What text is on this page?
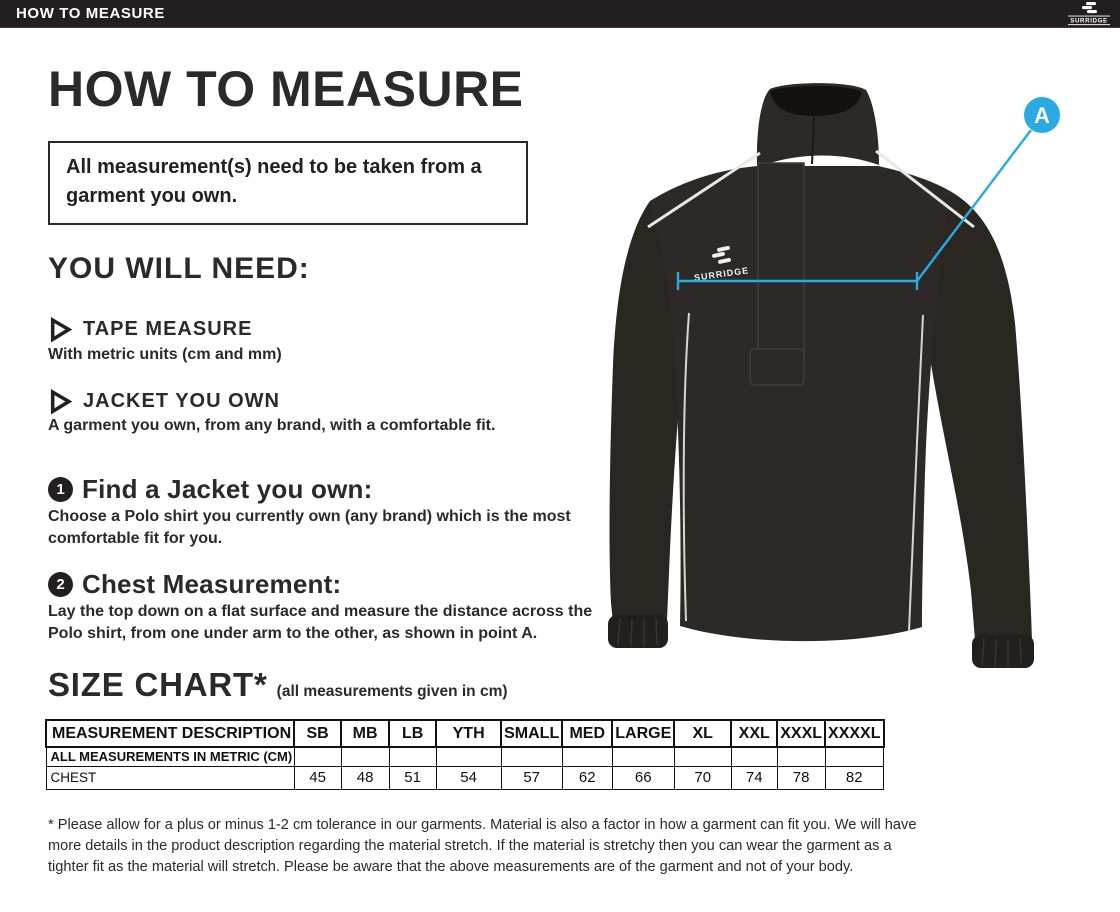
HOW TO MEASURE	SURRIDGE
HOW TO MEASURE
All measurement(s) need to be taken from a garment you own.
YOU WILL NEED:
TAPE MEASURE
With metric units (cm and mm)
JACKET YOU OWN
A garment you own, from any brand, with a comfortable fit.
1 Find a Jacket you own:
Choose a Polo shirt you currently own (any brand) which is the most comfortable fit for you.
2 Chest Measurement:
Lay the top down on a flat surface and measure the distance across the Polo shirt, from one under arm to the other, as shown in point A.
SIZE CHART* (all measurements given in cm)
MEASUREMENT DESCRIPTION	SB	MB	LB	YTH	SMALL	MED	LARGE	XL	XXL	XXXL	XXXXL
ALL MEASUREMENTS IN METRIC (CM)											
CHEST	45	48	51	54	57	62	66	70	74	78	82
* Please allow for a plus or minus 1-2 cm tolerance in our garments. Material is also a factor in how a garment can fit you. We will have more details in the product description regarding the material stretch. If the material is stretchy then you can wear the garment as a tighter fit as the material will stretch. Please be aware that the above measurements are of the garment and not of your body.
SURRIDGE
A
